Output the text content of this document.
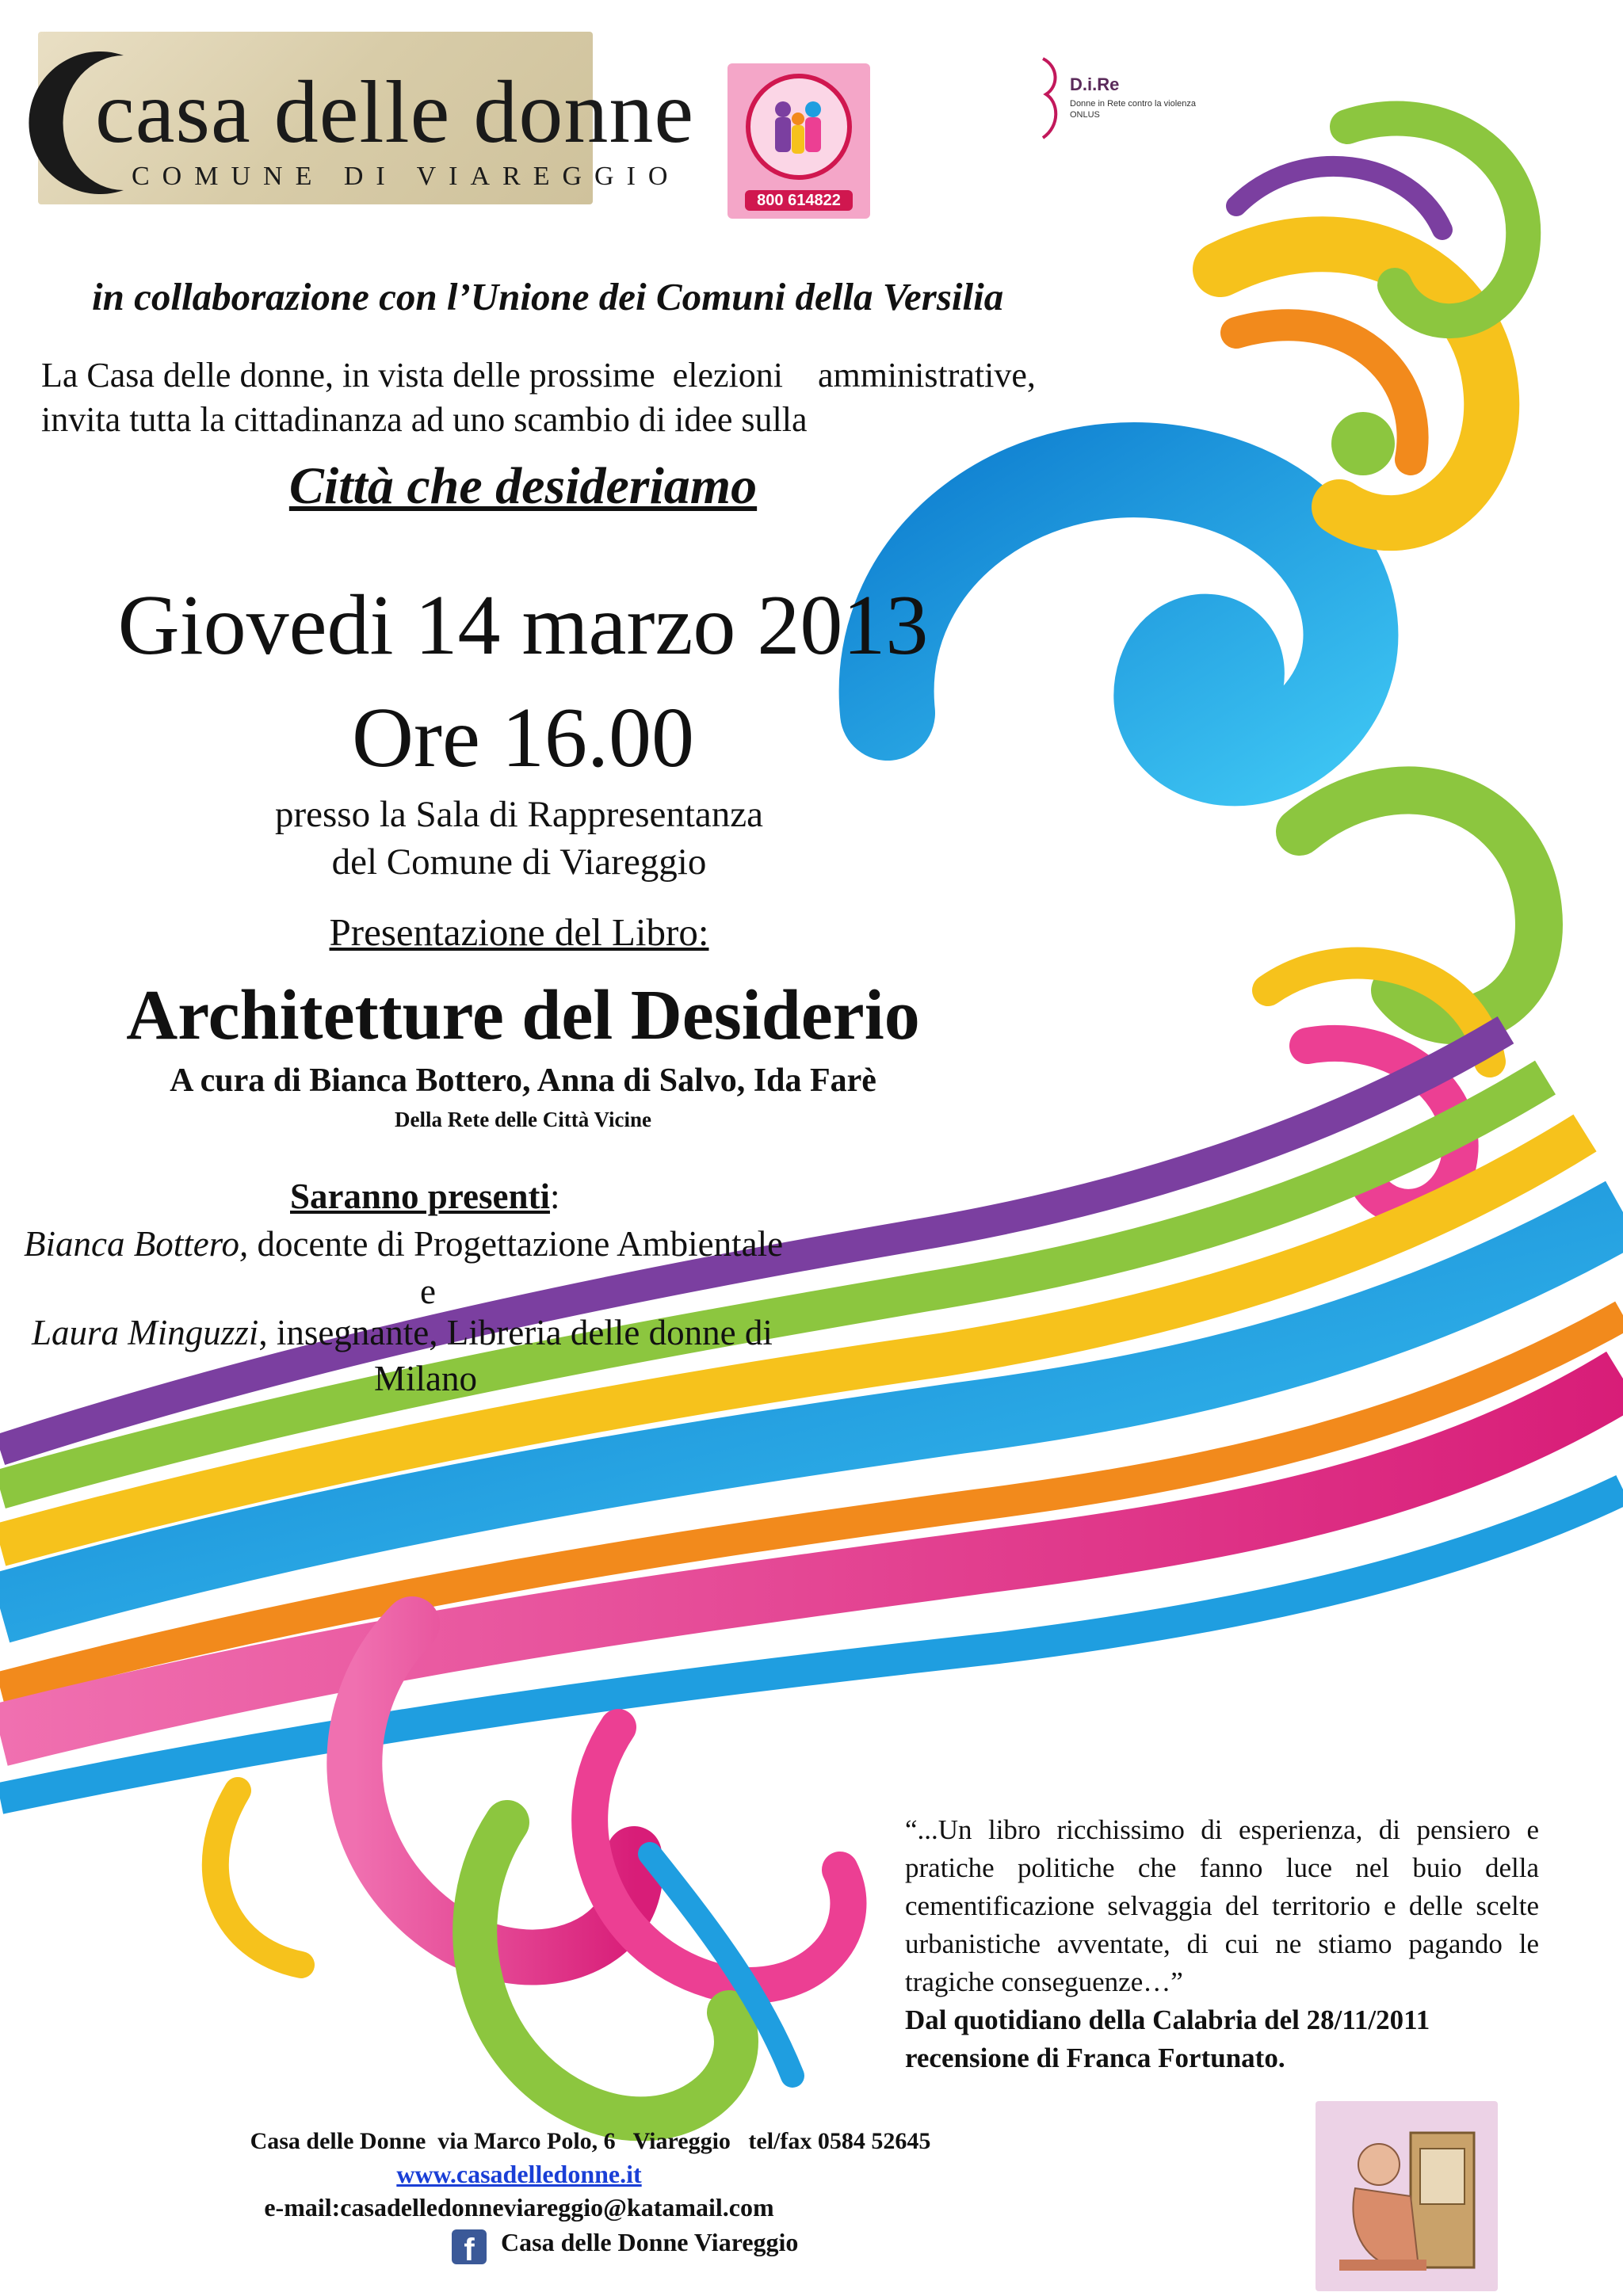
casa delle donne
COMUNE DI VIAREGGIO
800 614822
D.i.Re
Donne in Rete contro la violenza ONLUS
in collaborazione con l’Unione dei Comuni della Versilia
La Casa delle donne, in vista delle prossime  elezioni    amministrative,
invita tutta la cittadinanza ad uno scambio di idee sulla
Città che desideriamo
Giovedi 14 marzo 2013
Ore 16.00
presso la Sala di Rappresentanza
del Comune di Viareggio
Presentazione del Libro:
Architetture del Desiderio
A cura di Bianca Bottero, Anna di Salvo, Ida Farè
Della Rete delle Città Vicine
Saranno presenti:
Bianca Bottero, docente di Progettazione Ambientale
e
Laura Minguzzi, insegnante, Libreria delle donne di
Milano
“...Un libro ricchissimo di esperienza, di pensiero e pratiche politiche che fanno luce nel buio della cementificazione selvaggia del territorio e delle scelte urbanistiche avventate, di cui ne stiamo pagando le tragiche conseguenze…”
Dal quotidiano della Calabria del 28/11/2011
recensione di Franca Fortunato.
Casa delle Donne  via Marco Polo, 6   Viareggio   tel/fax 0584 52645
www.casadelledonne.it
e-mail:casadelledonneviareggio@katamail.com
f	Casa delle Donne Viareggio
